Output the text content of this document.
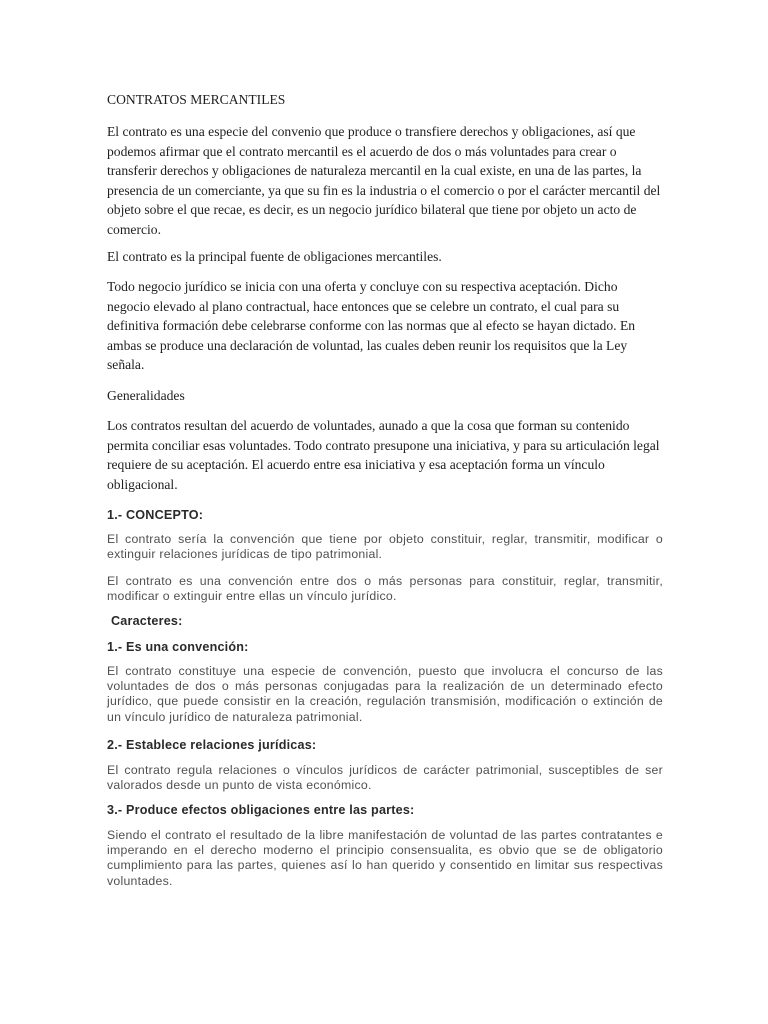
CONTRATOS MERCANTILES

El contrato es una especie del convenio que produce o transfiere derechos y obligaciones, así que podemos afirmar que el contrato mercantil es el acuerdo de dos o más voluntades para crear o transferir derechos y obligaciones de naturaleza mercantil en la cual existe, en una de las partes, la presencia de un comerciante, ya que su fin es la industria o el comercio o por el carácter mercantil del objeto sobre el que recae, es decir, es un negocio jurídico bilateral que tiene por objeto un acto de comercio.

El contrato es la principal fuente de obligaciones mercantiles.

Todo negocio jurídico se inicia con una oferta y concluye con su respectiva aceptación. Dicho negocio elevado al plano contractual, hace entonces que se celebre un contrato, el cual para su definitiva formación debe celebrarse conforme con las normas que al efecto se hayan dictado. En ambas se produce una declaración de voluntad, las cuales deben reunir los requisitos que la Ley señala.

Generalidades

Los contratos resultan del acuerdo de voluntades, aunado a que la cosa que forman su contenido permita conciliar esas voluntades. Todo contrato presupone una iniciativa, y para su articulación legal requiere de su aceptación. El acuerdo entre esa iniciativa y esa aceptación forma un vínculo obligacional.

1.- CONCEPTO:

El contrato sería la convención que tiene por objeto constituir, reglar, transmitir, modificar o extinguir relaciones jurídicas de tipo patrimonial.

El contrato es una convención entre dos o más personas para constituir, reglar, transmitir, modificar o extinguir entre ellas un vínculo jurídico.

Caracteres:

1.- Es una convención:

El contrato constituye una especie de convención, puesto que involucra el concurso de las voluntades de dos o más personas conjugadas para la realización de un determinado efecto jurídico, que puede consistir en la creación, regulación transmisión, modificación o extinción de un vínculo jurídico de naturaleza patrimonial.

2.- Establece relaciones jurídicas:

El contrato regula relaciones o vínculos jurídicos de carácter patrimonial, susceptibles de ser valorados desde un punto de vista económico.

3.- Produce efectos obligaciones entre las partes:

Siendo el contrato el resultado de la libre manifestación de voluntad de las partes contratantes e imperando en el derecho moderno el principio consensualita, es obvio que se de obligatorio cumplimiento para las partes, quienes así lo han querido y consentido en limitar sus respectivas voluntades.
